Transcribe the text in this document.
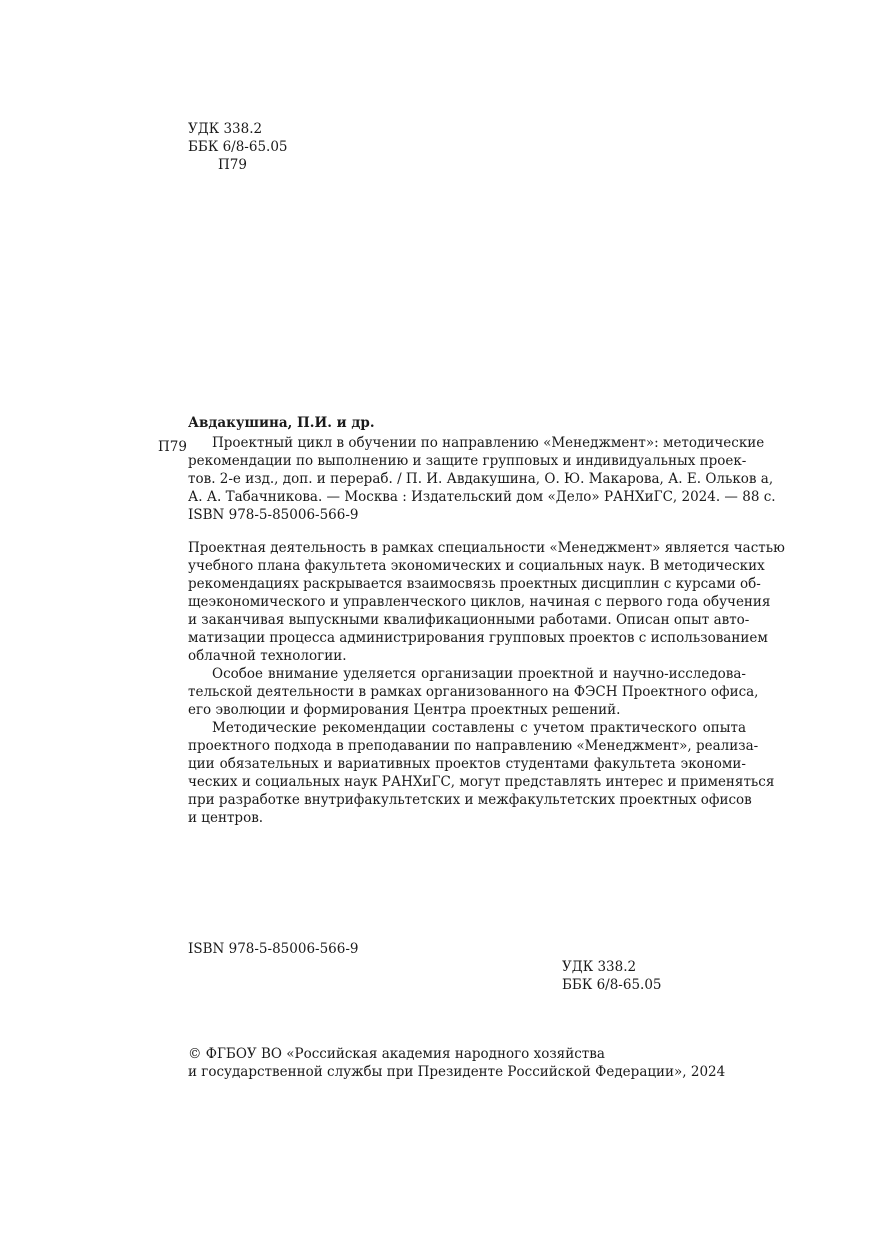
УДК 338.2
ББК 6/8-65.05
П79
Авдакушина, П.И. и др.
П79	Проектный цикл в обучении по направлению «Менеджмент»: методические
рекомендации по выполнению и защите групповых и индивидуальных проек-
тов. 2-е изд., доп. и перераб. / П. И. Авдакушина, О. Ю. Макарова, А. Е. Ольков а,
А. А. Табачникова. — Москва : Издательский дом «Дело» РАНХиГС, 2024. — 88 с.
ISBN 978-5-85006-566-9
Проектная деятельность в рамках специальности «Менеджмент» является частью
учебного плана факультета экономических и социальных наук. В методических
рекомендациях раскрывается взаимосвязь проектных дисциплин с курсами об-
щеэкономического и управленческого циклов, начиная с первого года обучения
и заканчивая выпускными квалификационными работами. Описан опыт авто-
матизации процесса администрирования групповых проектов с использованием
облачной технологии.
Особое внимание уделяется организации проектной и научно-исследова-
тельской деятельности в рамках организованного на ФЭСН Проектного офиса,
его эволюции и формирования Центра проектных решений.
Методические рекомендации составлены с учетом практического опыта
проектного подхода в преподавании по направлению «Менеджмент», реализа-
ции обязательных и вариативных проектов студентами факультета экономи-
ческих и социальных наук РАНХиГС, могут представлять интерес и применяться
при разработке внутрифакультетских и межфакультетских проектных офисов
и центров.
ISBN 978-5-85006-566-9
УДК 338.2
ББК 6/8-65.05
© ФГБОУ ВО «Российская академия народного хозяйства
и государственной службы при Президенте Российской Федерации», 2024
